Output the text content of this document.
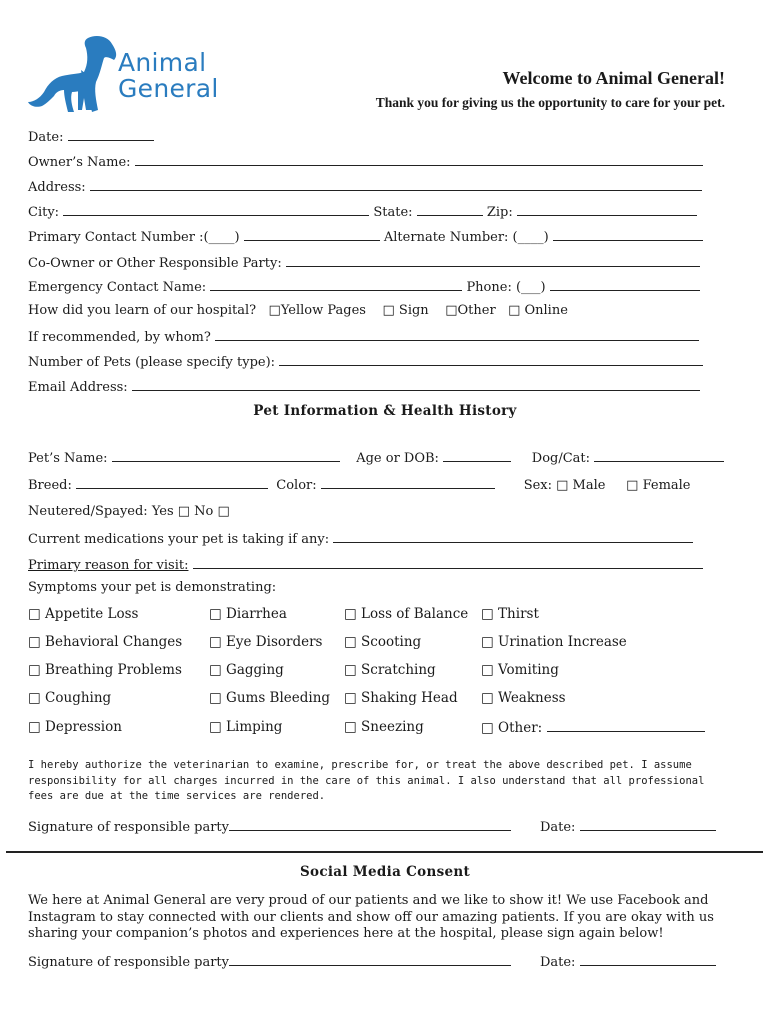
Animal
General	Welcome to Animal General!
Thank you for giving us the opportunity to care for your pet.
Date:
Owner’s Name:
Address:
City:	State:	Zip:
Primary Contact Number :(____)	Alternate Number: (____)
Co-Owner or Other Responsible Party:
Emergency Contact Name:	Phone: (___)
How did you learn of our hospital? □Yellow Pages □ Sign □Other □ Online
If recommended, by whom?
Number of Pets (please specify type):
Email Address:
Pet Information & Health History
Pet’s Name:	Age or DOB:	Dog/Cat:
Breed:	Color:	Sex: □ Male □ Female
Neutered/Spayed: Yes □ No □
Current medications your pet is taking if any:
Primary reason for visit:
Symptoms your pet is demonstrating:
□ Appetite Loss	□ Diarrhea	□ Loss of Balance □ Thirst
□ Behavioral Changes □ Eye Disorders □ Scooting	□ Urination Increase
□ Breathing Problems □ Gagging	□ Scratching	□ Vomiting
□ Coughing	□ Gums Bleeding □ Shaking Head □ Weakness
□ Depression	□ Limping	□ Sneezing	□ Other:
I hereby authorize the veterinarian to examine, prescribe for, or treat the above described pet. I assume responsibility for all charges incurred in the care of this animal. I also understand that all professional fees are due at the time services are rendered.
Signature of responsible party	Date:
Social Media Consent
We here at Animal General are very proud of our patients and we like to show it! We use Facebook and Instagram to stay connected with our clients and show off our amazing patients. If you are okay with us sharing your companion’s photos and experiences here at the hospital, please sign again below!
Signature of responsible party	Date:
